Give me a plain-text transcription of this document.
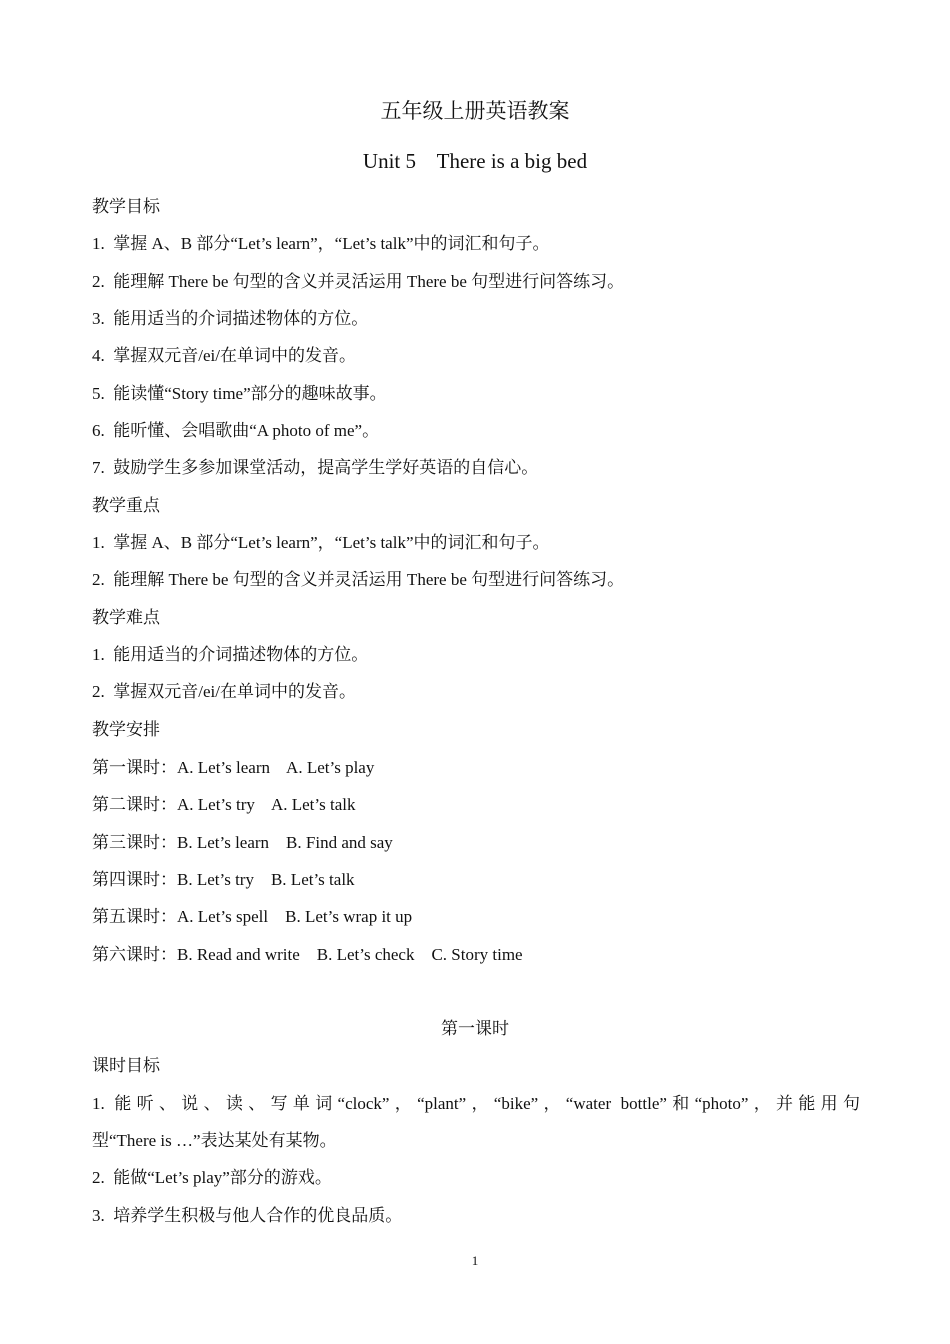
五年级上册英语教案
Unit 5    There is a big bed
教学目标
1.  掌握 A、B 部分“Let’s learn”，“Let’s talk”中的词汇和句子。
2.  能理解 There be 句型的含义并灵活运用 There be 句型进行问答练习。
3.  能用适当的介词描述物体的方位。
4.  掌握双元音/ei/在单词中的发音。
5.  能读懂“Story time”部分的趣味故事。
6.  能听懂、会唱歌曲“A photo of me”。
7.  鼓励学生多参加课堂活动，提高学生学好英语的自信心。
教学重点
1.  掌握 A、B 部分“Let’s learn”，“Let’s talk”中的词汇和句子。
2.  能理解 There be 句型的含义并灵活运用 There be 句型进行问答练习。
教学难点
1.  能用适当的介词描述物体的方位。
2.  掌握双元音/ei/在单词中的发音。
教学安排
第一课时：A. Let’s learn    A. Let’s play
第二课时：A. Let’s try    A. Let’s talk
第三课时：B. Let’s learn    B. Find and say
第四课时：B. Let’s try    B. Let’s talk
第五课时：A. Let’s spell    B. Let’s wrap it up
第六课时：B. Read and write    B. Let’s check    C. Story time
第一课时
课时目标
1. 能听、说、读、写单词“clock”，“plant”，“bike”，“water bottle”和“photo”，并能用句
型“There is …”表达某处有某物。
2.  能做“Let’s play”部分的游戏。
3.  培养学生积极与他人合作的优良品质。
1
